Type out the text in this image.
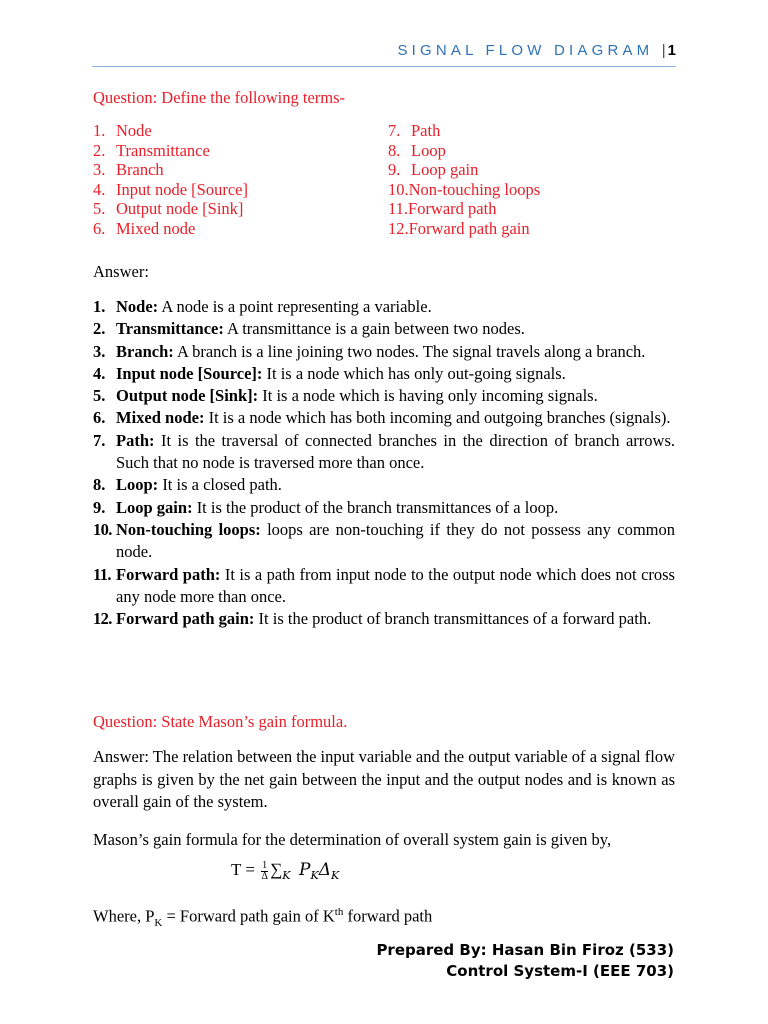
SIGNAL FLOW DIAGRAM | 1
Question: Define the following terms-
1. Node
2. Transmittance
3. Branch
4. Input node [Source]
5. Output node [Sink]
6. Mixed node
7. Path
8. Loop
9. Loop gain
10. Non-touching loops
11. Forward path
12. Forward path gain
Answer:
1. Node: A node is a point representing a variable.
2. Transmittance: A transmittance is a gain between two nodes.
3. Branch: A branch is a line joining two nodes. The signal travels along a branch.
4. Input node [Source]: It is a node which has only out-going signals.
5. Output node [Sink]: It is a node which is having only incoming signals.
6. Mixed node: It is a node which has both incoming and outgoing branches (signals).
7. Path: It is the traversal of connected branches in the direction of branch arrows. Such that no node is traversed more than once.
8. Loop: It is a closed path.
9. Loop gain: It is the product of the branch transmittances of a loop.
10. Non-touching loops: loops are non-touching if they do not possess any common node.
11. Forward path: It is a path from input node to the output node which does not cross any node more than once.
12. Forward path gain: It is the product of branch transmittances of a forward path.
Question: State Mason’s gain formula.
Answer: The relation between the input variable and the output variable of a signal flow graphs is given by the net gain between the input and the output nodes and is known as overall gain of the system.
Mason’s gain formula for the determination of overall system gain is given by,
$T = \frac{1}{\Delta} \sum_K$ $P_K\Delta_K$
Where, $P_K$ = Forward path gain of $K^{th}$ forward path
Prepared By: Hasan Bin Firoz (533)
Control System-I (EEE 703)
